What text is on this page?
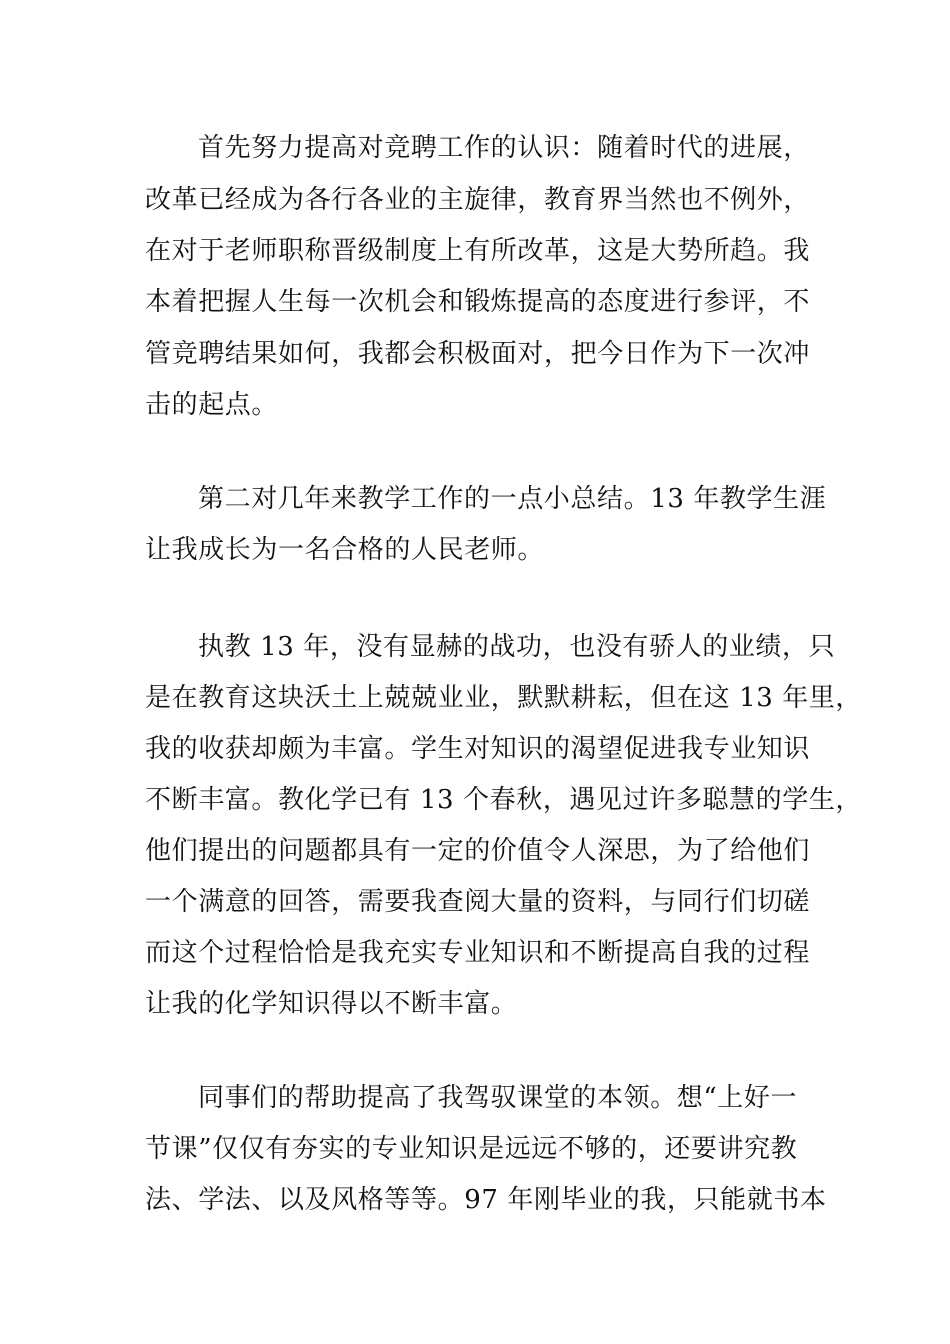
首先努力提高对竞聘工作的认识：随着时代的进展，

改革已经成为各行各业的主旋律，教育界当然也不例外，

在对于老师职称晋级制度上有所改革，这是大势所趋。我

本着把握人生每一次机会和锻炼提高的态度进行参评，不

管竞聘结果如何，我都会积极面对，把今日作为下一次冲

击的起点。

第二对几年来教学工作的一点小总结。13 年教学生涯

让我成长为一名合格的人民老师。

执教 13 年，没有显赫的战功，也没有骄人的业绩，只

是在教育这块沃土上兢兢业业，默默耕耘，但在这 13 年里，

我的收获却颇为丰富。学生对知识的渴望促进我专业知识

不断丰富。教化学已有 13 个春秋，遇见过许多聪慧的学生，

他们提出的问题都具有一定的价值令人深思，为了给他们

一个满意的回答，需要我查阅大量的资料，与同行们切磋

而这个过程恰恰是我充实专业知识和不断提高自我的过程

让我的化学知识得以不断丰富。

同事们的帮助提高了我驾驭课堂的本领。想“上好一

节课”仅仅有夯实的专业知识是远远不够的，还要讲究教

法、学法、以及风格等等。97 年刚毕业的我，只能就书本
